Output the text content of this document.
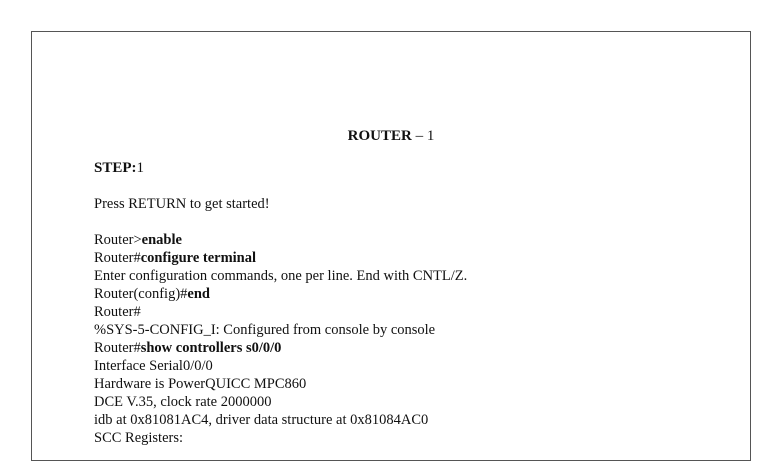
ROUTER – 1
STEP:1
Press RETURN to get started!
Router>enable
Router#configure terminal
Enter configuration commands, one per line. End with CNTL/Z.
Router(config)#end
Router#
%SYS-5-CONFIG_I: Configured from console by console
Router#show controllers s0/0/0
Interface Serial0/0/0
Hardware is PowerQUICC MPC860
DCE V.35, clock rate 2000000
idb at 0x81081AC4, driver data structure at 0x81084AC0
SCC Registers:
